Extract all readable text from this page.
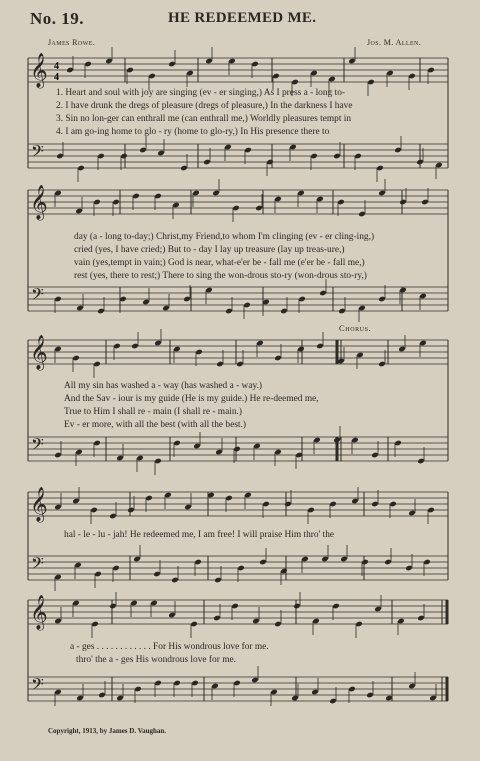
No. 19.	HE REDEEMED ME.
James Rowe.	Jos. M. Allen.
𝄞 4
4
𝄢
𝄞
𝄢
𝄞
𝄢
𝄞
𝄢
𝄞
𝄢
1. Heart and soul with joy are singing (ev - er singing,) As I press a - long to-
2. I have drunk the dregs of pleasure (dregs of pleasure,) In the darkness I have
3. Sin no lon-ger can enthrall me (can enthrall me,) Worldly pleasures tempt in
4. I am go-ing home to glo - ry (home to glo-ry,) In His presence there to
day (a - long to-day;) Christ,my Friend,to whom I'm clinging (ev - er cling-ing,)
cried (yes, I have cried;) But to - day I lay up treasure (lay up treas-ure,)
vain (yes,tempt in vain;) God is near, what-e'er be - fall me (e'er be - fall me,)
rest (yes, there to rest;) There to sing the won-drous sto-ry (won-drous sto-ry,)
Chorus.
All my sin has washed a - way (has washed a - way.)
And the Sav - iour is my guide (He is my guide.) He re-deemed me,
True to Him I shall re - main (I shall re - main.)
Ev - er more, with all the best (with all the best.)
hal - le - lu - jah! He redeemed me, I am free! I will praise Him thro' the
a - ges . . . . . . . . . . . . For His wondrous love for me.
thro' the a - ges His wondrous love for me.
Copyright, 1913, by James D. Vaughan.
